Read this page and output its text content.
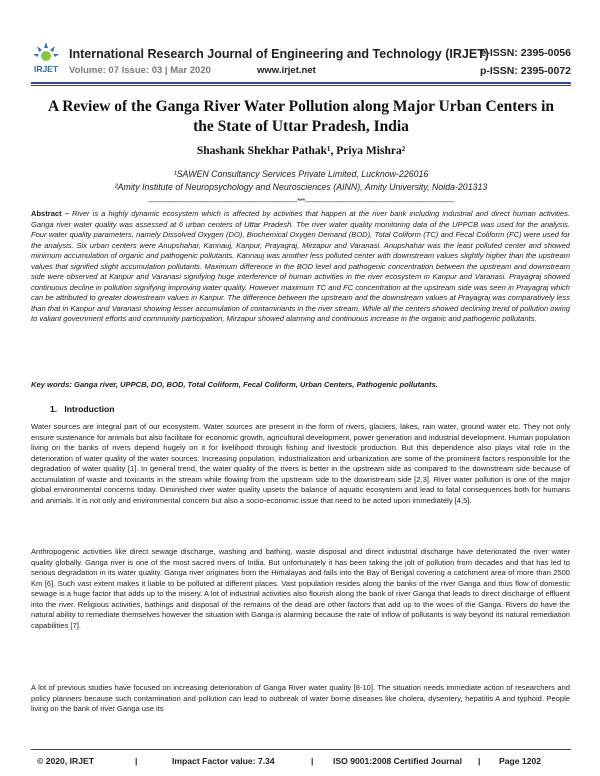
IRJET
International Research Journal of Engineering and Technology (IRJET)
e-ISSN: 2395-0056
Volume: 07 Issue: 03 | Mar 2020	www.irjet.net	p-ISSN: 2395-0072
A Review of the Ganga River Water Pollution along Major Urban Centers in the State of Uttar Pradesh, India
Shashank Shekhar Pathak¹, Priya Mishra²
¹SAWEN Consultancy Services Private Limited, Lucknow-226016
²Amity Institute of Neuropsychology and Neurosciences (AINN), Amity University, Noida-201313
---------------------------------------------------------------------***---------------------------------------------------------------------
Abstract – River is a highly dynamic ecosystem which is affected by activities that happen at the river bank including industrial and direct human activities. Ganga river water quality was assessed at 6 urban centers of Uttar Pradesh. The river water quality monitoring data of the UPPCB was used for the analysis. Four water quality parameters, namely Dissolved Oxygen (DO), Biochemical Oxygen Demand (BOD), Total Coliform (TC) and Fecal Coliform (FC) were used for the analysis. Six urban centers were Anupshahar, Kannauj, Kanpur, Prayagraj, Mirzapur and Varanasi. Anupshahar was the least polluted center and showed minimum accumulation of organic and pathogenic pollutants. Kannauj was another less polluted center with downstream values slightly higher than the upstream values that signified slight accumulation pollutants. Maximum difference in the BOD level and pathogenic concentration between the upstream and downstream side were observed at Kanpur and Varanasi signifying huge interference of human activities in the river ecosystem in Kanpur and Varanasi. Prayagraj showed continuous decline in pollution signifying improving water quality. However maximum TC and FC concentration at the upstream side was seen in Prayagraj which can be attributed to greater downstream values in Kanpur. The difference between the upstream and the downstream values at Prayagraj was comparatively less than that in Kanpur and Varanasi showing lesser accumulation of contaminants in the river stream. While all the centers showed declining trend of pollution owing to valiant government efforts and community participation, Mirzapur showed alarming and continuous increase in the organic and pathogenic pollutants.
Key words: Ganga river, UPPCB, DO, BOD, Total Coliform, Fecal Coliform, Urban Centers, Pathogenic pollutants.
1. Introduction
Water sources are integral part of our ecosystem. Water sources are present in the form of rivers, glaciers, lakes, rain water, ground water etc. They not only ensure sustenance for animals but also facilitate for economic growth, agricultural development, power generation and industrial development. Human population living on the banks of rivers depend hugely on it for livelihood through fishing and livestock production. But this dependence also plays vital role in the deterioration of water quality of the water sources. Increasing population, industrialization and urbanization are some of the prominent factors responsible for the degradation of water quality [1]. In general trend, the water quality of the rivers is better in the upstream side as compared to the downstream side because of accumulation of waste and toxicants in the stream while flowing from the upstream side to the downstream side [2,3]. River water pollution is one of the major global environmental concerns today. Diminished river water quality upsets the balance of aquatic ecosystem and lead to fatal consequences both for humans and animals. It is not only and environmental concern but also a socio-economic issue that need to be acted upon immediately [4,5].
Anthropogenic activities like direct sewage discharge, washing and bathing, waste disposal and direct industrial discharge have deteriorated the river water quality globally. Ganga river is one of the most sacred rivers of India. But unfortunately it has been taking the jolt of pollution from decades and that has led to serious degradation in its water quality. Ganga river originates from the Himalayas and falls into the Bay of Bengal covering a catchment area of more than 2500 Km [6]. Such vast extent makes it liable to be polluted at different places. Vast population resides along the banks of the river Ganga and thus flow of domestic sewage is a huge factor that adds up to the misery. A lot of industrial activities also flourish along the bank of river Ganga that leads to direct discharge of effluent into the river. Religious activities, bathings and disposal of the remains of the dead are other factors that add up to the woes of the Ganga. Rivers do have the natural ability to remediate themselves however the situation with Ganga is alarming because the rate of inflow of pollutants is way beyond its natural remediation capabilities [7].
A lot of previous studies have focused on increasing deterioration of Ganga River water quality [8-10]. The situation needs immediate action of researchers and policy planners because such contamination and pollution can lead to outbreak of water borne diseases like cholera, dysentery, hepatitis A and typhoid. People living on the bank of river Ganga use its
© 2020, IRJET	|	Impact Factor value: 7.34	| ISO 9001:2008 Certified Journal | Page 1202
